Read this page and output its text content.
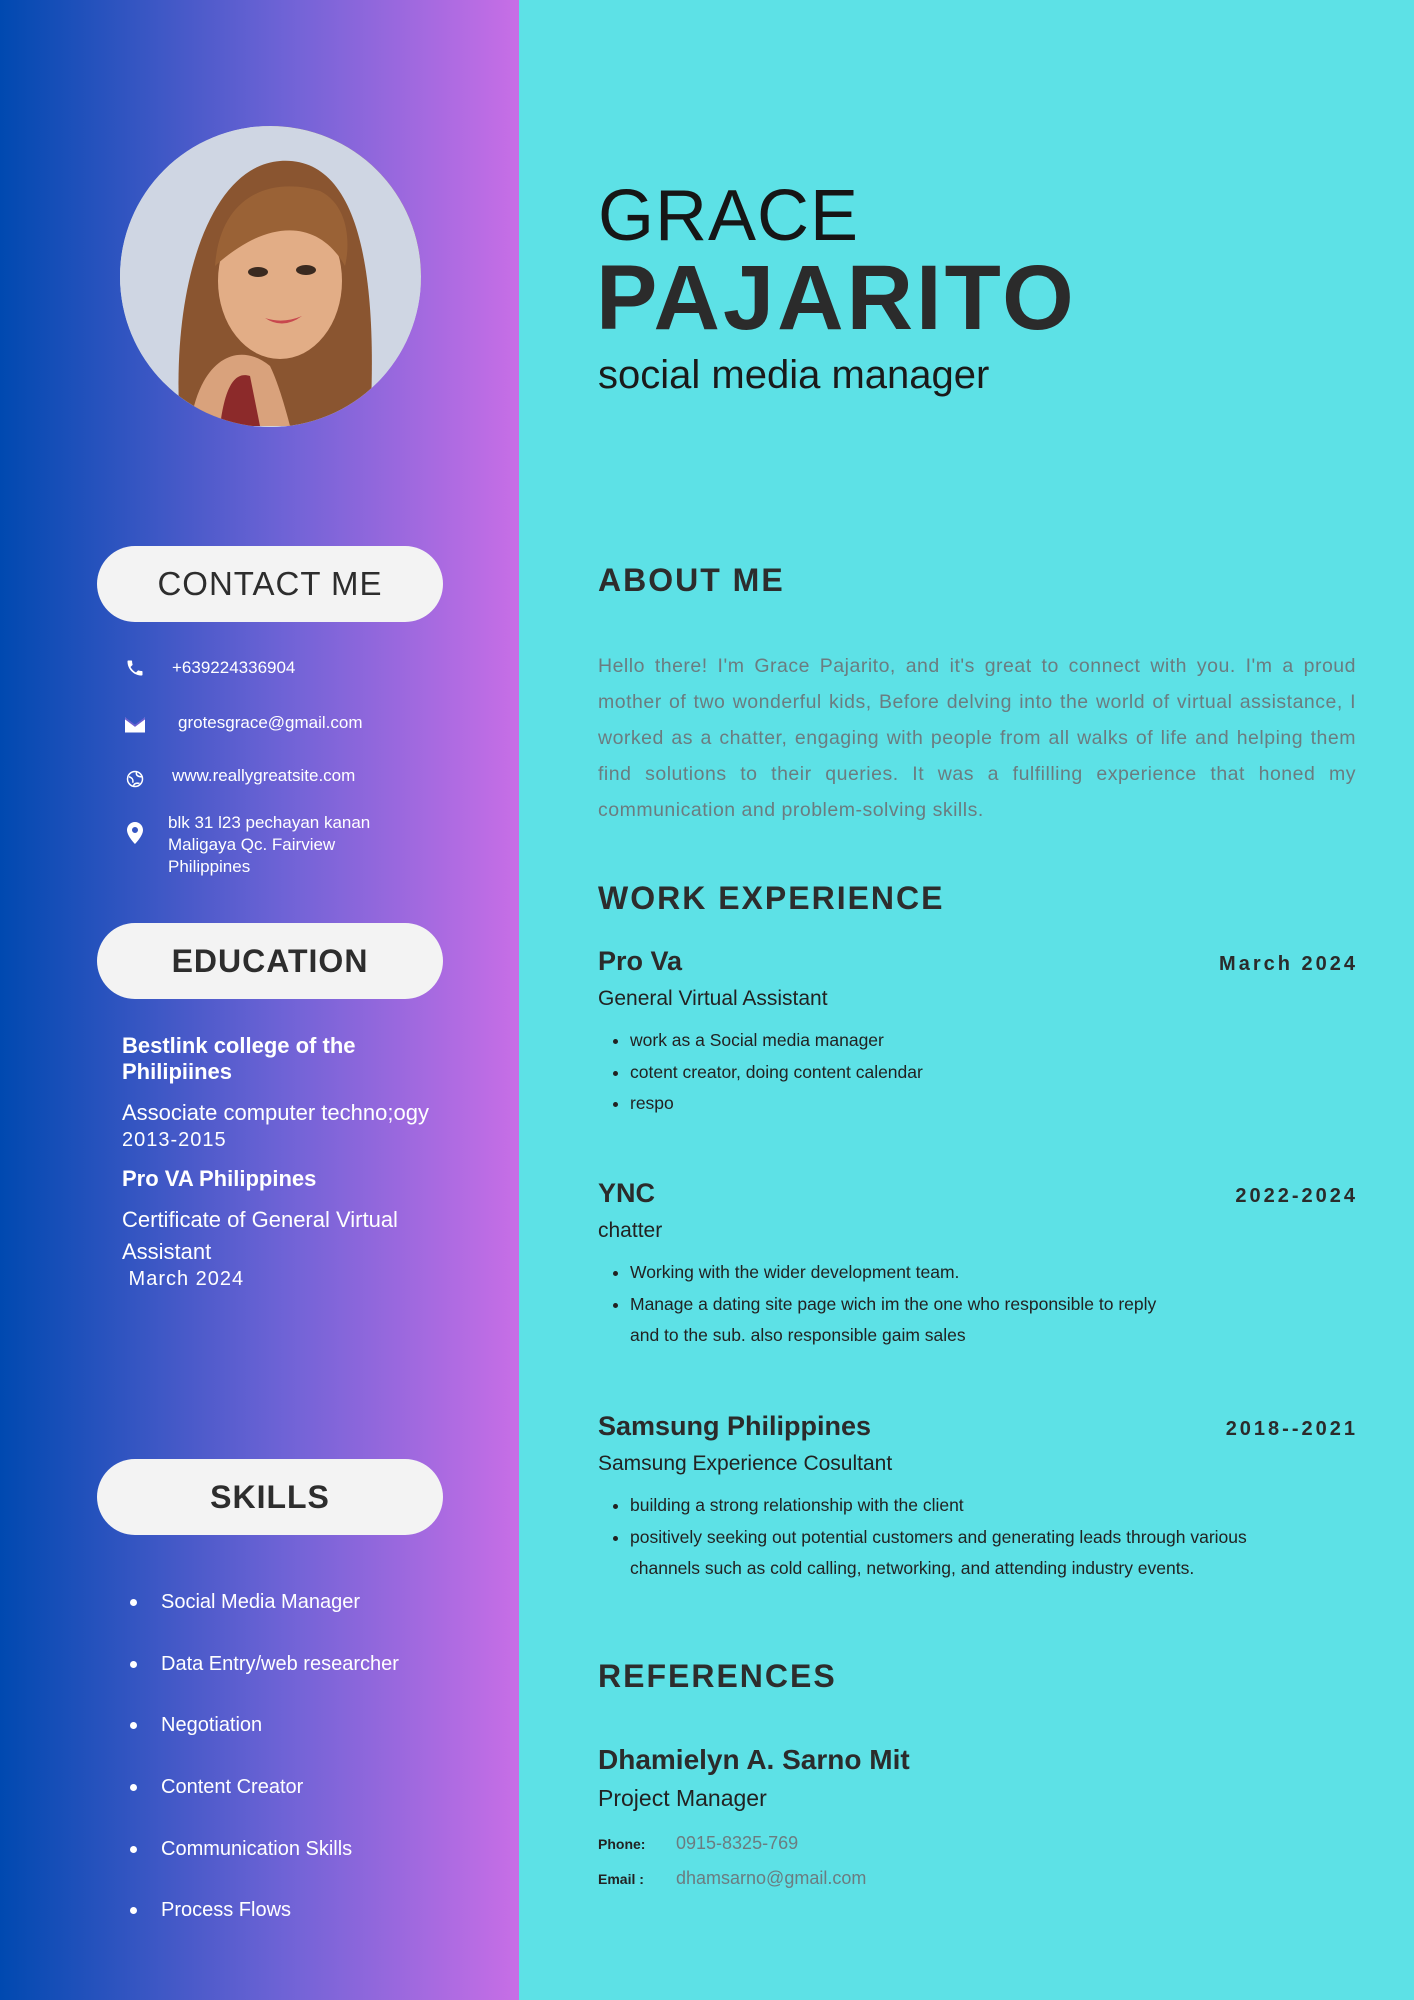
CONTACT ME
+639224336904
grotesgrace@gmail.com
www.reallygreatsite.com
blk 31 l23 pechayan kanan
Maligaya Qc. Fairview
Philippines
EDUCATION
Bestlink college of the Philipiines
Associate computer techno;ogy
2013-2015
Pro VA Philippines
Certificate of General Virtual Assistant
March 2024
SKILLS
Social Media Manager
Data Entry/web researcher
Negotiation
Content Creator
Communication Skills
Process Flows
GRACE
PAJARITO
social media manager
ABOUT ME
Hello there! I'm Grace Pajarito, and it's great to connect with you. I'm a proud mother of two wonderful kids, Before delving into the world of virtual assistance, I worked as a chatter, engaging with people from all walks of life and helping them find solutions to their queries. It was a fulfilling experience that honed my communication and problem-solving skills.
WORK EXPERIENCE
Pro Va	March 2024
General Virtual Assistant
• work as a Social media manager
• cotent creator, doing content calendar
• respo
YNC	2022-2024
chatter
• Working with the wider development team.
• Manage a dating site page wich im the one who responsible to reply and to the sub. also responsible gaim sales
Samsung Philippines	2018--2021
Samsung Experience Cosultant
• building a strong relationship with the client
• positively seeking out potential customers and generating leads through various channels such as cold calling, networking, and attending industry events.
REFERENCES
Dhamielyn A. Sarno Mit
Project Manager
Phone:	0915-8325-769
Email :	dhamsarno@gmail.com
